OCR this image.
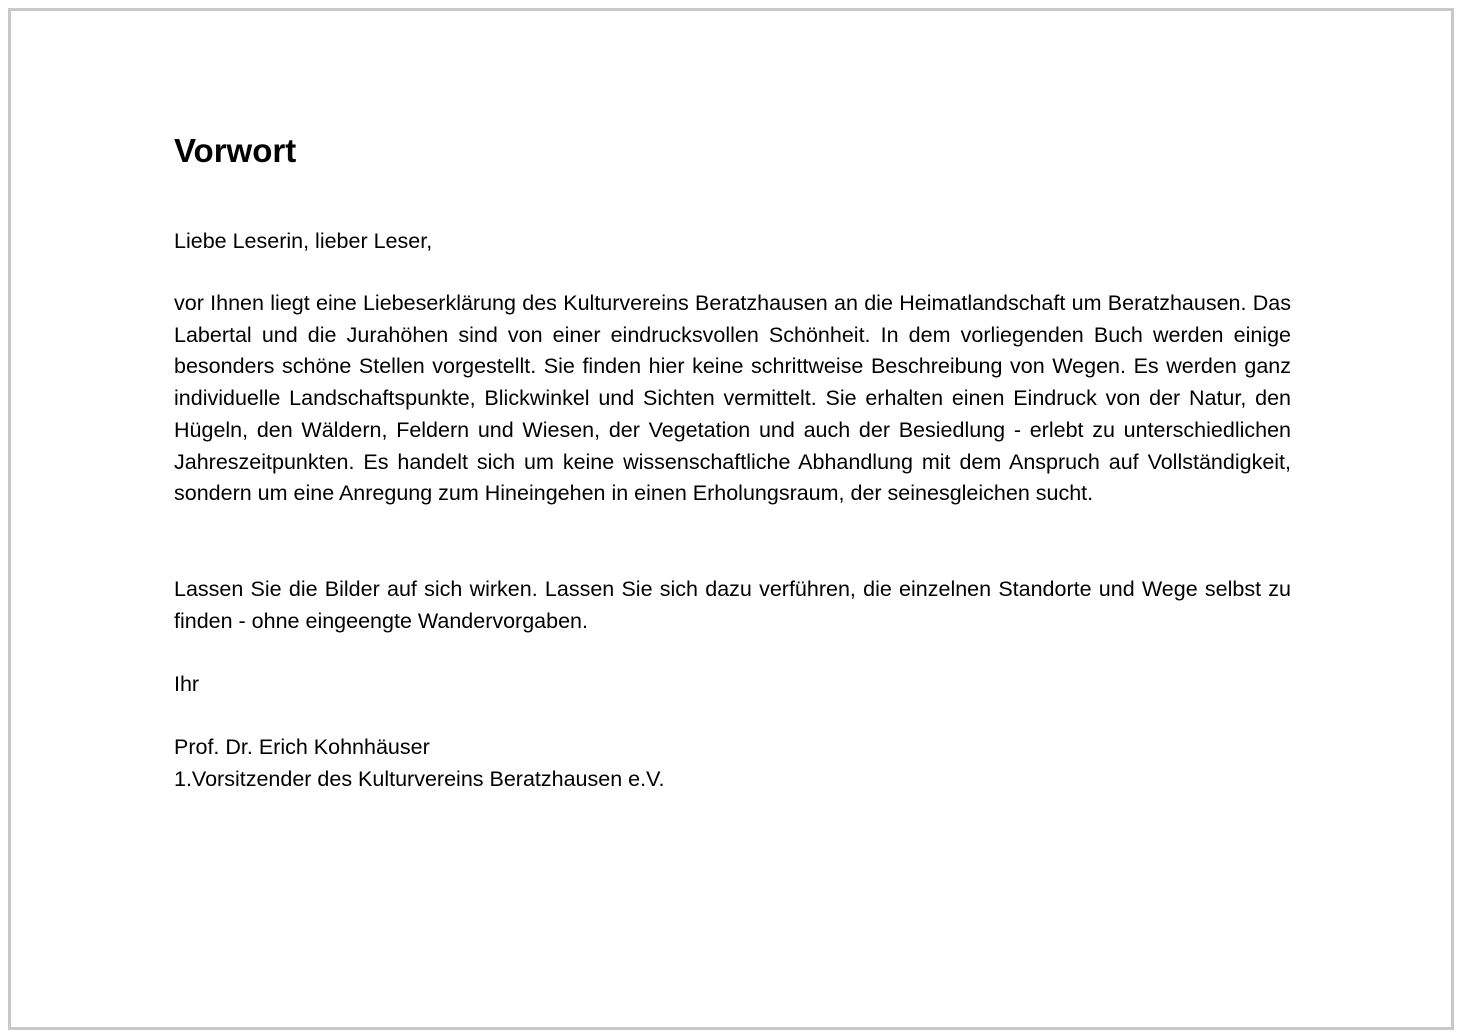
Vorwort

Liebe Leserin, lieber Leser,

vor Ihnen liegt eine Liebeserklärung des Kulturvereins Beratzhausen an die Heimatlandschaft um Beratzhausen. Das Labertal und die Jurahöhen sind von einer eindrucksvollen Schönheit. In dem vorliegenden Buch werden einige besonders schöne Stellen vorgestellt. Sie finden hier keine schrittweise Beschreibung von Wegen. Es werden ganz individuelle Landschaftspunkte, Blickwinkel und Sichten vermittelt. Sie erhalten einen Eindruck von der Natur, den Hügeln, den Wäldern, Feldern und Wiesen, der Vegetation und auch der Besiedlung - erlebt zu unterschiedlichen Jahreszeitpunkten. Es handelt sich um keine wissenschaftliche Abhandlung mit dem Anspruch auf Vollständigkeit, sondern um eine Anregung zum Hineingehen in einen Erholungsraum, der seinesgleichen sucht.

Lassen Sie die Bilder auf sich wirken. Lassen Sie sich dazu verführen, die einzelnen Standorte und Wege selbst zu finden - ohne eingeengte Wandervorgaben.

Ihr

Prof. Dr. Erich Kohnhäuser
1.Vorsitzender des Kulturvereins Beratzhausen e.V.
